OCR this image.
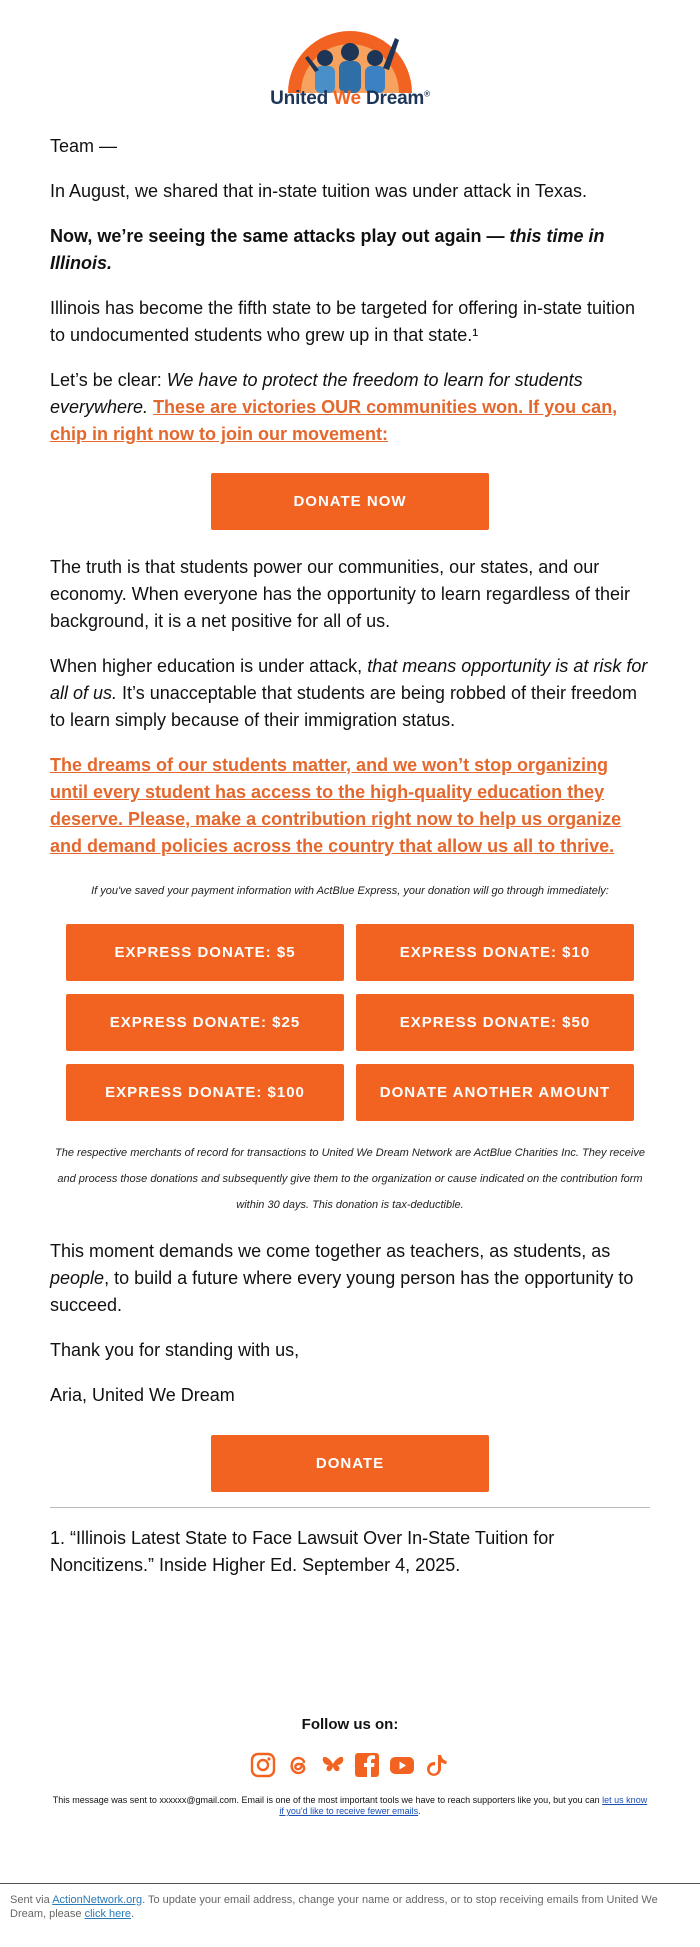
United We Dream®
Team —
In August, we shared that in-state tuition was under attack in Texas.
Now, we’re seeing the same attacks play out again — this time in Illinois.
Illinois has become the fifth state to be targeted for offering in-state tuition to undocumented students who grew up in that state.¹
Let’s be clear: We have to protect the freedom to learn for students everywhere. These are victories OUR communities won. If you can, chip in right now to join our movement:
DONATE NOW
The truth is that students power our communities, our states, and our economy. When everyone has the opportunity to learn regardless of their background, it is a net positive for all of us.
When higher education is under attack, that means opportunity is at risk for all of us. It’s unacceptable that students are being robbed of their freedom to learn simply because of their immigration status.
The dreams of our students matter, and we won’t stop organizing until every student has access to the high-quality education they deserve. Please, make a contribution right now to help us organize and demand policies across the country that allow us all to thrive.
If you've saved your payment information with ActBlue Express, your donation will go through immediately:
EXPRESS DONATE: $5	EXPRESS DONATE: $10
EXPRESS DONATE: $25	EXPRESS DONATE: $50
EXPRESS DONATE: $100	DONATE ANOTHER AMOUNT
The respective merchants of record for transactions to United We Dream Network are ActBlue Charities Inc. They receive and process those donations and subsequently give them to the organization or cause indicated on the contribution form within 30 days. This donation is tax-deductible.
This moment demands we come together as teachers, as students, as people, to build a future where every young person has the opportunity to succeed.
Thank you for standing with us,
Aria, United We Dream
DONATE
1. “Illinois Latest State to Face Lawsuit Over In-State Tuition for Noncitizens.” Inside Higher Ed. September 4, 2025.
Follow us on:
This message was sent to xxxxxx@gmail.com. Email is one of the most important tools we have to reach supporters like you, but you can let us know if you'd like to receive fewer emails.
Sent via ActionNetwork.org. To update your email address, change your name or address, or to stop receiving emails from United We Dream, please click here.
